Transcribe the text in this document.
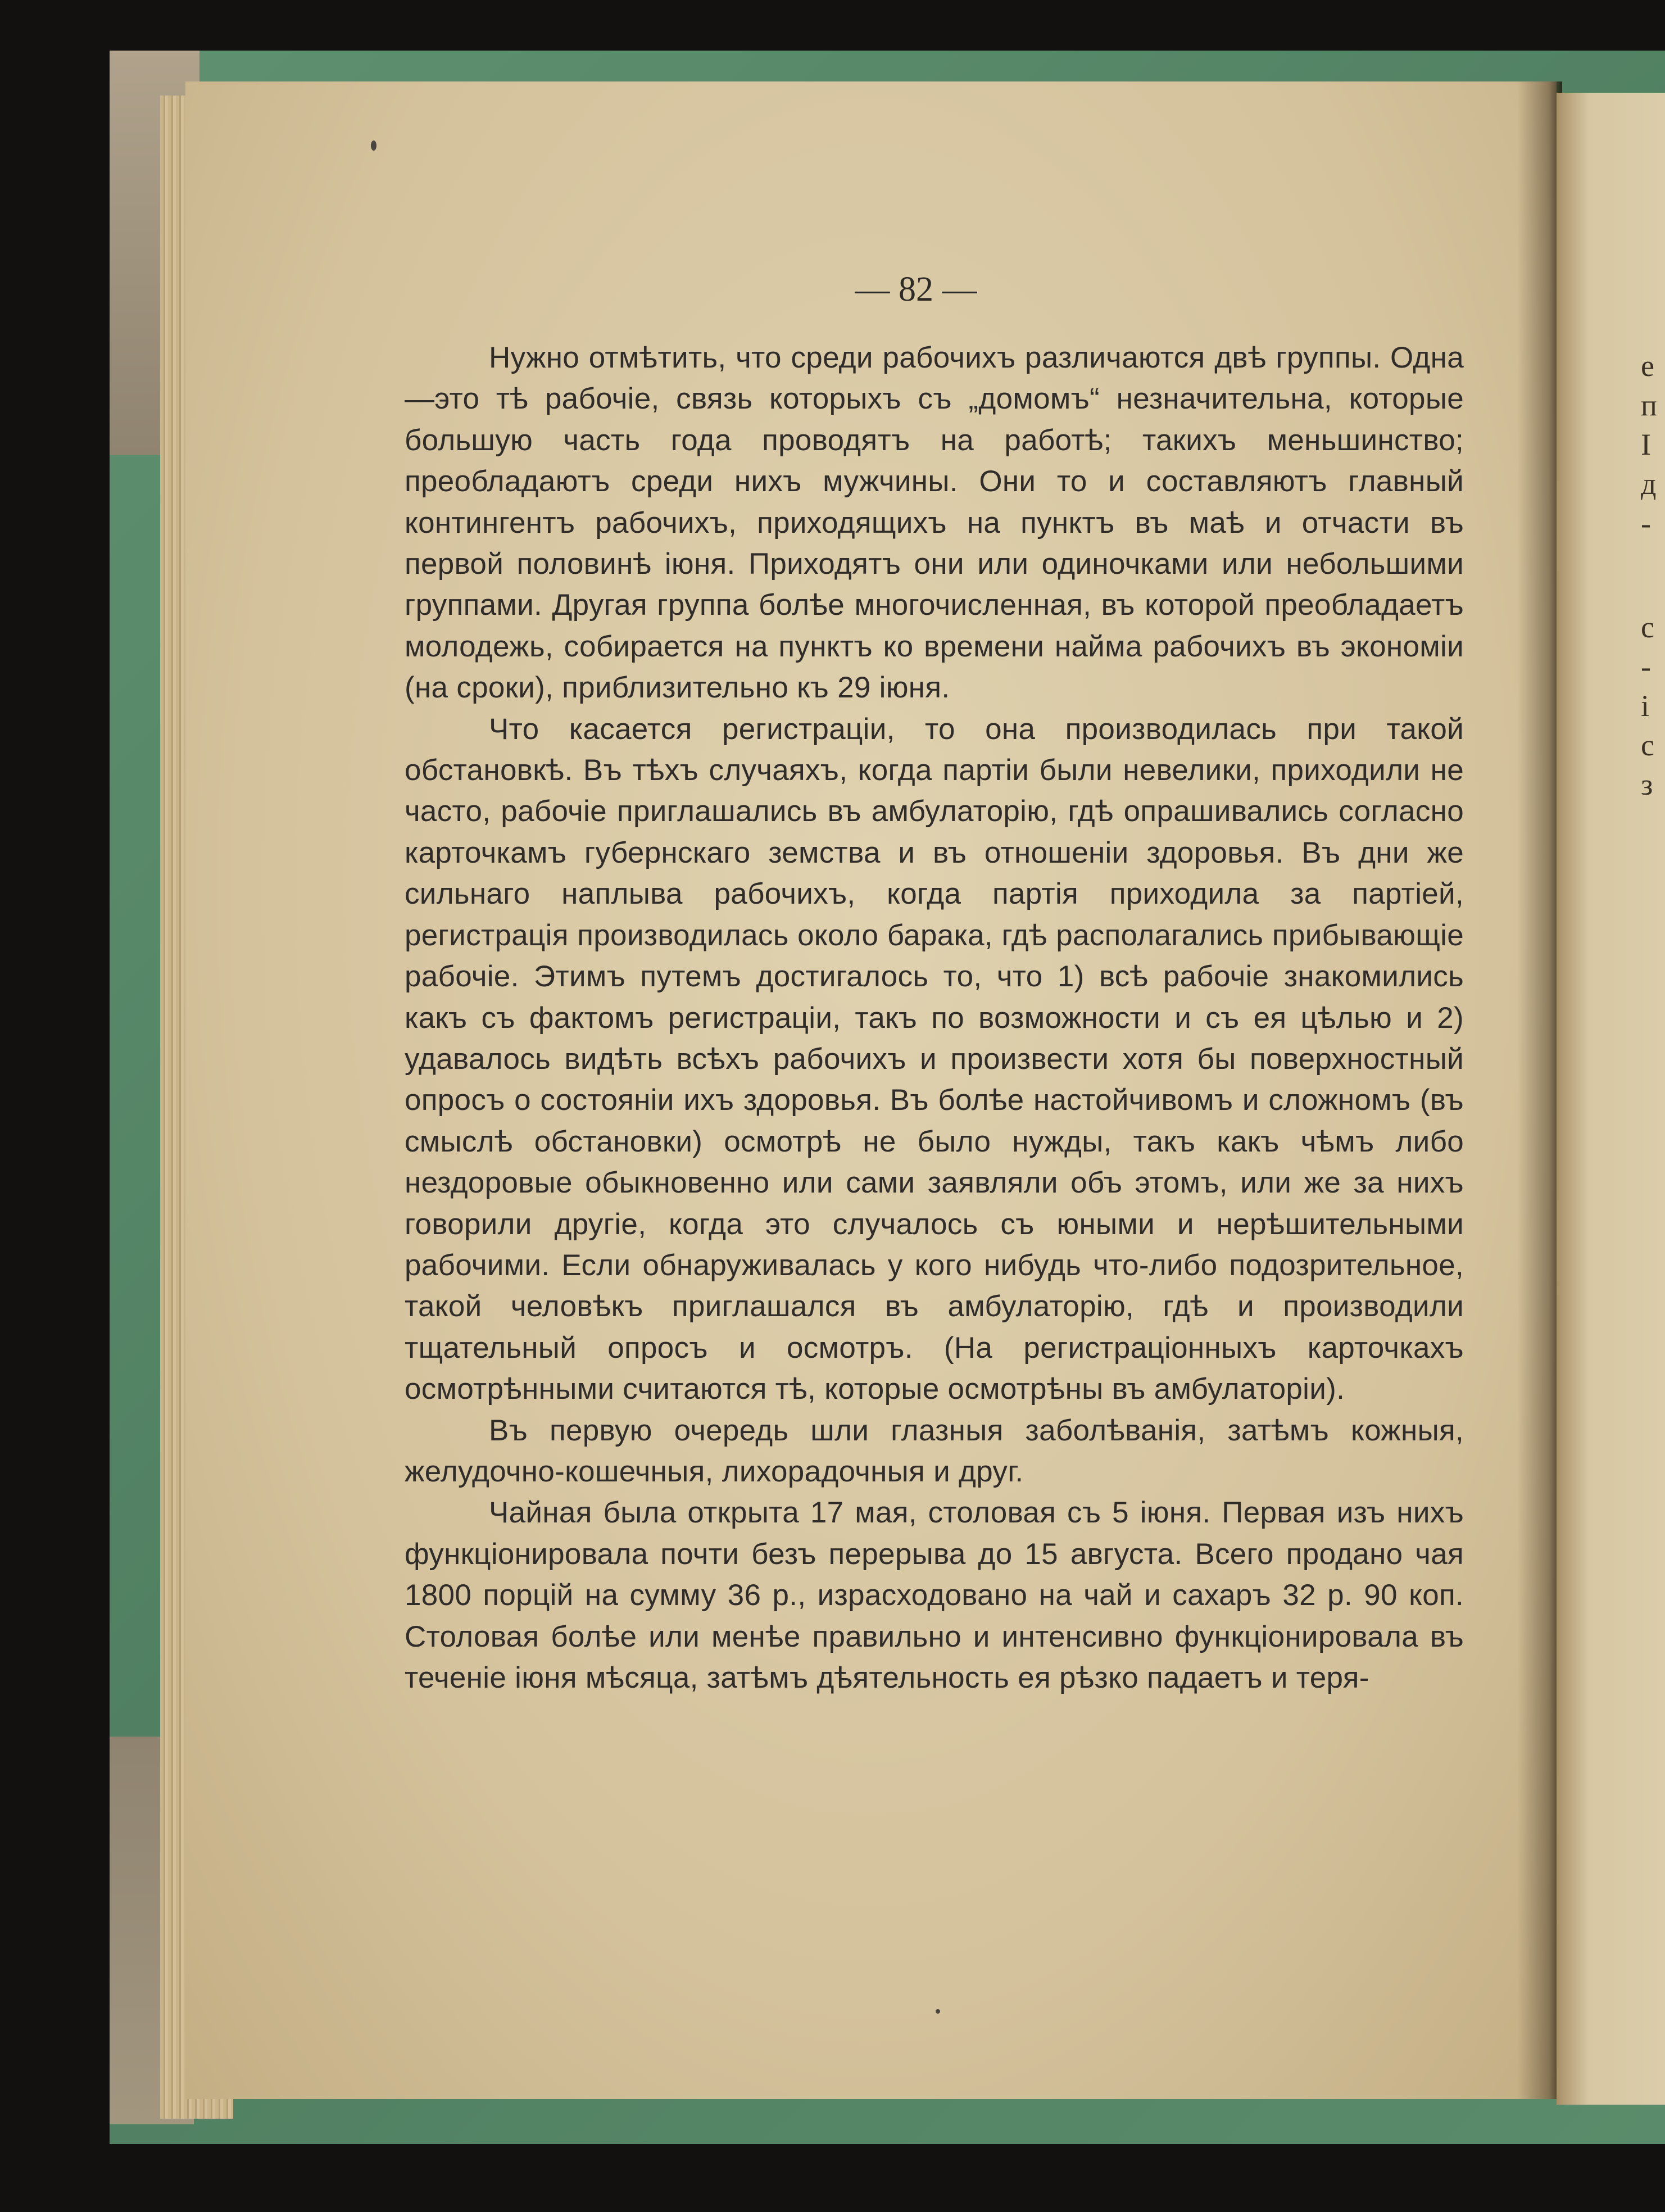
е
п
І
д
-
с
-
і
с
з
— 82 —

Нужно отмѣтить, что среди рабочихъ различаются двѣ группы. Одна—это тѣ рабочіе, связь которыхъ съ „домомъ“ незначительна, которые большую часть года проводятъ на работѣ; такихъ меньшинство; преобладаютъ среди нихъ мужчины. Они то и составляютъ главный контингентъ рабочихъ, приходящихъ на пунктъ въ маѣ и отчасти въ первой половинѣ іюня. Приходятъ они или одиночками или небольшими группами. Другая группа болѣе многочисленная, въ которой преобладаетъ молодежь, собирается на пунктъ ко времени найма рабочихъ въ экономіи (на сроки), приблизительно къ 29 іюня.

Что касается регистраціи, то она производилась при такой обстановкѣ. Въ тѣхъ случаяхъ, когда партіи были невелики, приходили не часто, рабочіе приглашались въ амбулаторію, гдѣ опрашивались согласно карточкамъ губернскаго земства и въ отношеніи здоровья. Въ дни же сильнаго наплыва рабочихъ, когда партія приходила за партіей, регистрація производилась около барака, гдѣ располагались прибывающіе рабочіе. Этимъ путемъ достигалось то, что 1) всѣ рабочіе знакомились какъ съ фактомъ регистраціи, такъ по возможности и съ ея цѣлью и 2) удавалось видѣть всѣхъ рабочихъ и произвести хотя бы поверхностный опросъ о состояніи ихъ здоровья. Въ болѣе настойчивомъ и сложномъ (въ смыслѣ обстановки) осмотрѣ не было нужды, такъ какъ чѣмъ либо нездоровые обыкновенно или сами заявляли объ этомъ, или же за нихъ говорили другіе, когда это случалось съ юными и нерѣшительными рабочими. Если обнаруживалась у кого нибудь что-либо подозрительное, такой человѣкъ приглашался въ амбулаторію, гдѣ и производили тщательный опросъ и осмотръ. (На регистраціонныхъ карточкахъ осмотрѣнными считаются тѣ, которые осмотрѣны въ амбулаторіи).

Въ первую очередь шли глазныя заболѣванія, затѣмъ кожныя, желудочно-кошечныя, лихорадочныя и друг.

Чайная была открыта 17 мая, столовая съ 5 іюня. Первая изъ нихъ функціонировала почти безъ перерыва до 15 августа. Всего продано чая 1800 порцій на сумму 36 р., израсходовано на чай и сахаръ 32 р. 90 коп. Столовая болѣе или менѣе правильно и интенсивно функціонировала въ теченіе іюня мѣсяца, затѣмъ дѣятельность ея рѣзко падаетъ и теря-
